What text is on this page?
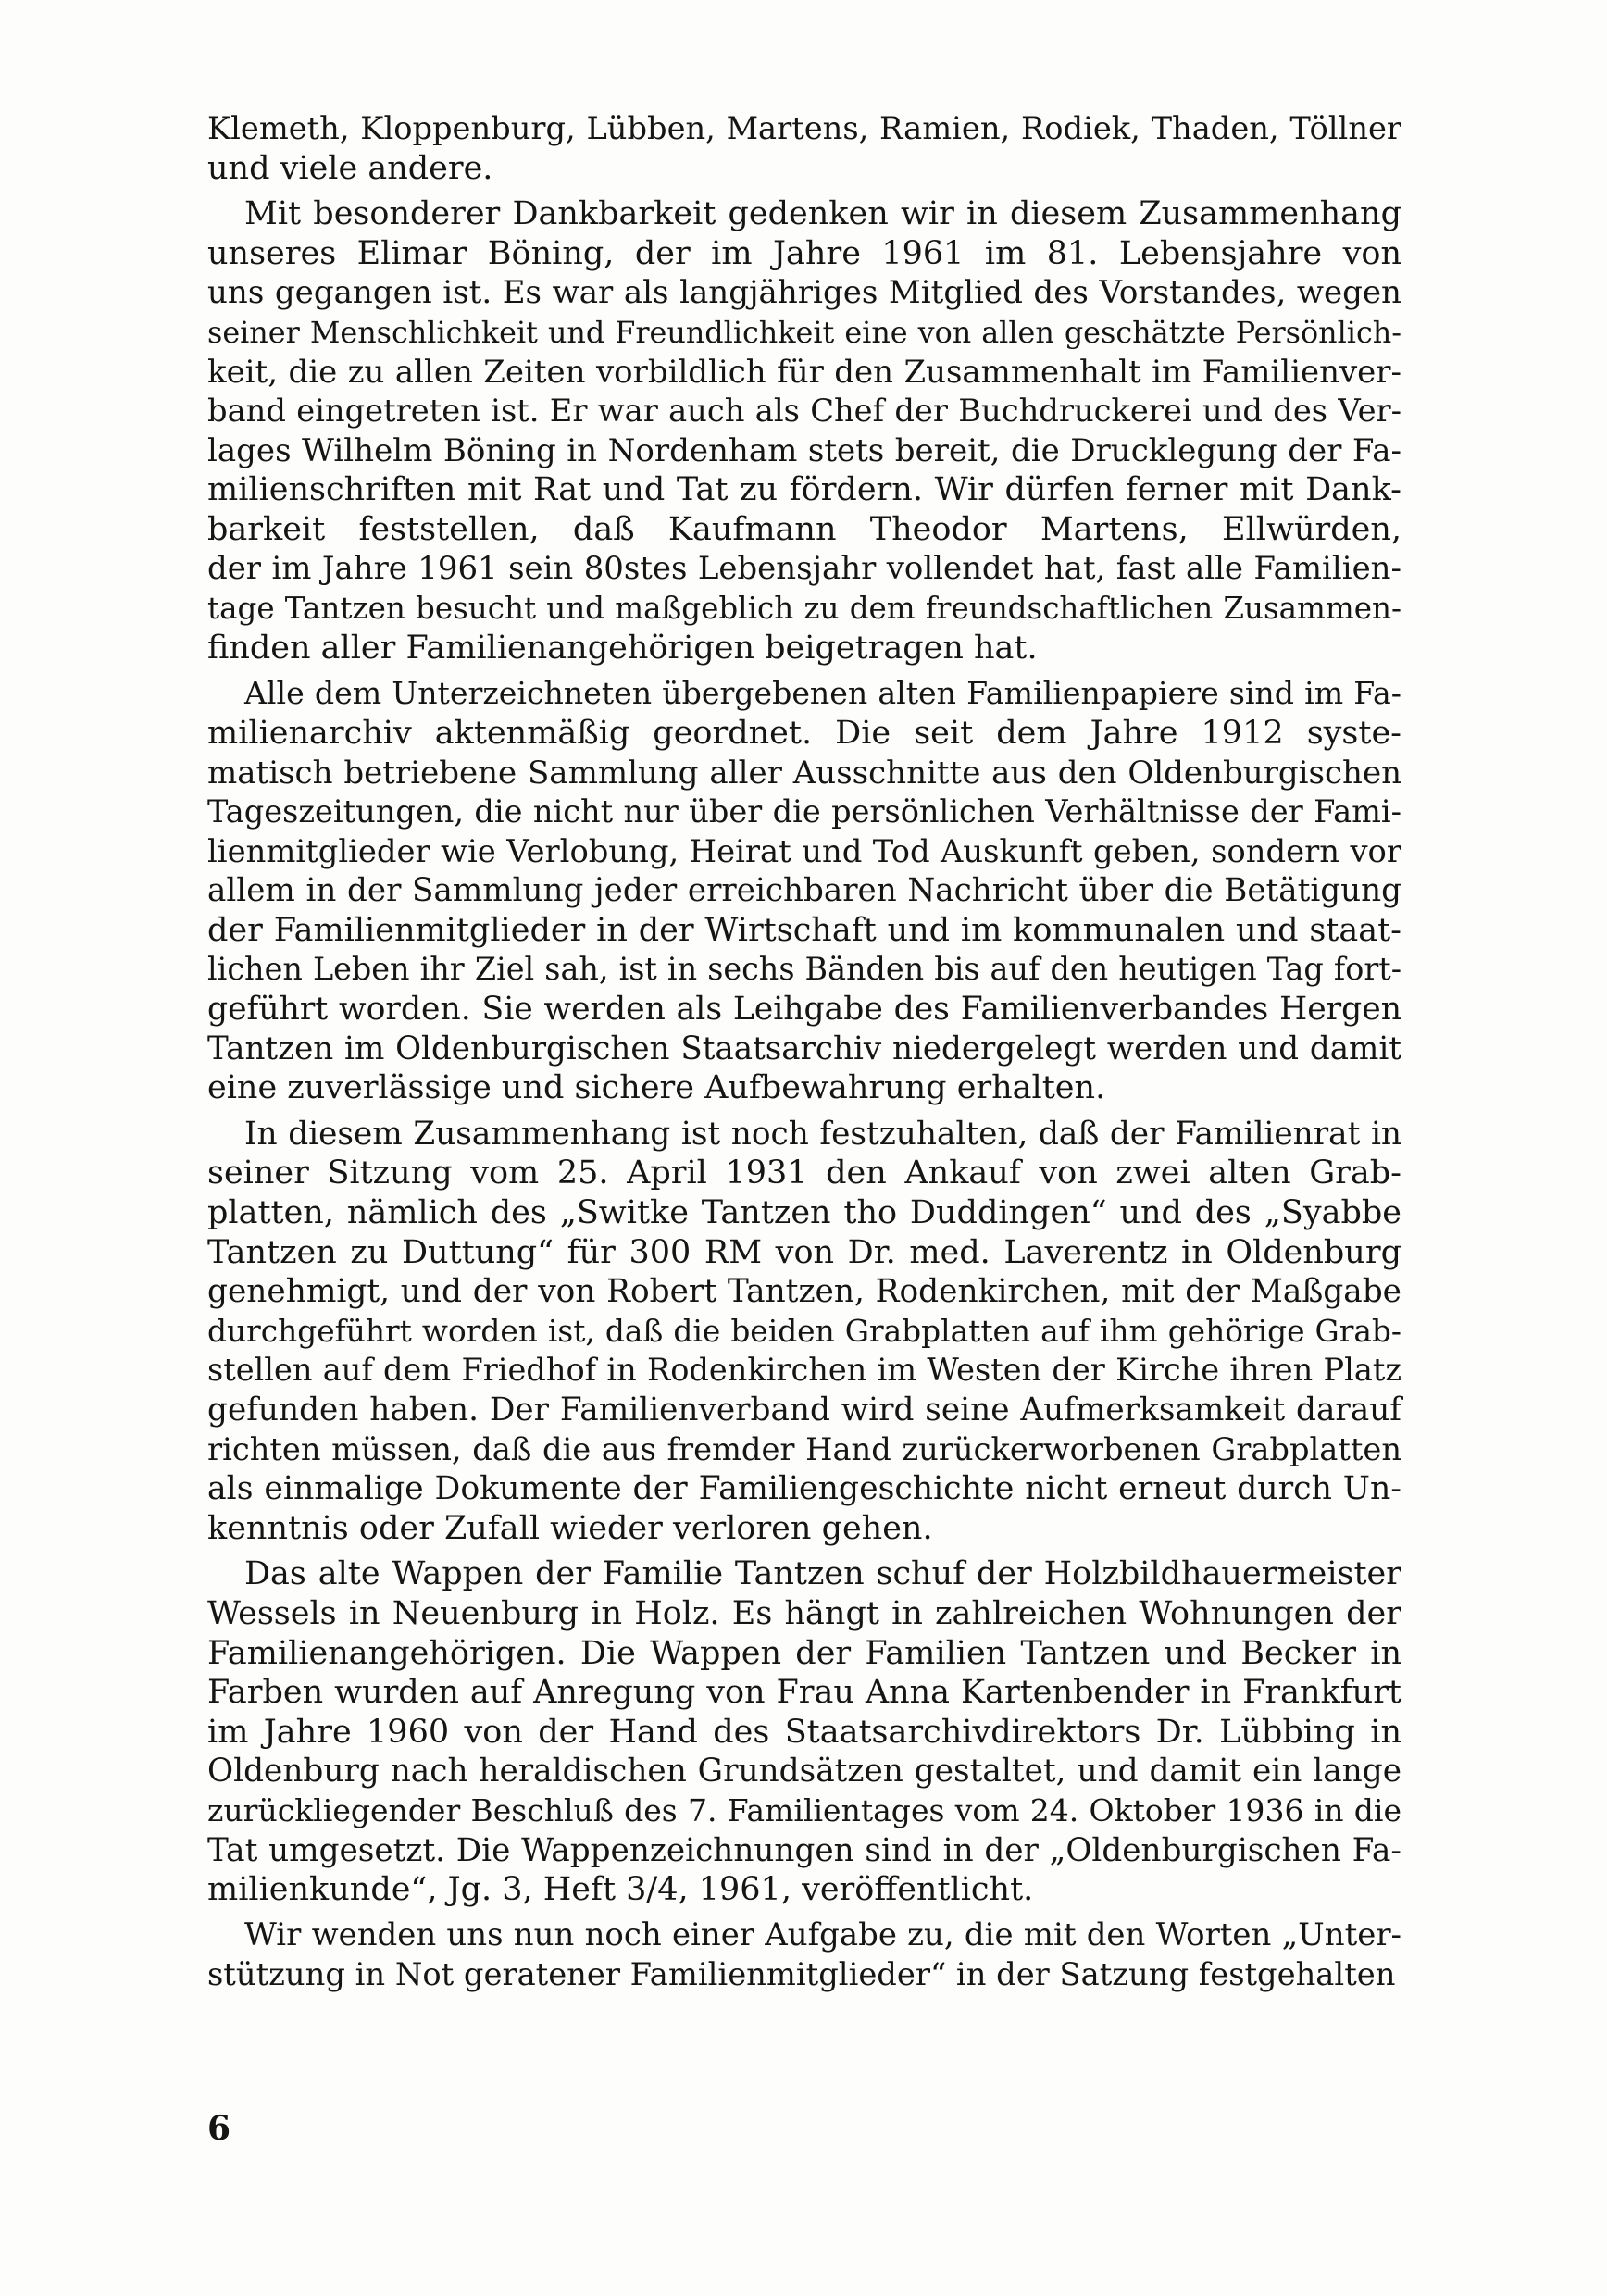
Klemeth, Kloppenburg, Lübben, Martens, Ramien, Rodiek, Thaden, Töllner
und viele andere.
Mit besonderer Dankbarkeit gedenken wir in diesem Zusammenhang
unseres Elimar Böning, der im Jahre 1961 im 81. Lebensjahre von
uns gegangen ist. Es war als langjähriges Mitglied des Vorstandes, wegen
seiner Menschlichkeit und Freundlichkeit eine von allen geschätzte Persönlich-
keit, die zu allen Zeiten vorbildlich für den Zusammenhalt im Familienver-
band eingetreten ist. Er war auch als Chef der Buchdruckerei und des Ver-
lages Wilhelm Böning in Nordenham stets bereit, die Drucklegung der Fa-
milienschriften mit Rat und Tat zu fördern. Wir dürfen ferner mit Dank-
barkeit feststellen, daß Kaufmann Theodor Martens, Ellwürden,
der im Jahre 1961 sein 80stes Lebensjahr vollendet hat, fast alle Familien-
tage Tantzen besucht und maßgeblich zu dem freundschaftlichen Zusammen-
finden aller Familienangehörigen beigetragen hat.
Alle dem Unterzeichneten übergebenen alten Familienpapiere sind im Fa-
milienarchiv aktenmäßig geordnet. Die seit dem Jahre 1912 syste-
matisch betriebene Sammlung aller Ausschnitte aus den Oldenburgischen
Tageszeitungen, die nicht nur über die persönlichen Verhältnisse der Fami-
lienmitglieder wie Verlobung, Heirat und Tod Auskunft geben, sondern vor
allem in der Sammlung jeder erreichbaren Nachricht über die Betätigung
der Familienmitglieder in der Wirtschaft und im kommunalen und staat-
lichen Leben ihr Ziel sah, ist in sechs Bänden bis auf den heutigen Tag fort-
geführt worden. Sie werden als Leihgabe des Familienverbandes Hergen
Tantzen im Oldenburgischen Staatsarchiv niedergelegt werden und damit
eine zuverlässige und sichere Aufbewahrung erhalten.
In diesem Zusammenhang ist noch festzuhalten, daß der Familienrat in
seiner Sitzung vom 25. April 1931 den Ankauf von zwei alten Grab-
platten, nämlich des „Switke Tantzen tho Duddingen“ und des „Syabbe
Tantzen zu Duttung“ für 300 RM von Dr. med. Laverentz in Oldenburg
genehmigt, und der von Robert Tantzen, Rodenkirchen, mit der Maßgabe
durchgeführt worden ist, daß die beiden Grabplatten auf ihm gehörige Grab-
stellen auf dem Friedhof in Rodenkirchen im Westen der Kirche ihren Platz
gefunden haben. Der Familienverband wird seine Aufmerksamkeit darauf
richten müssen, daß die aus fremder Hand zurückerworbenen Grabplatten
als einmalige Dokumente der Familiengeschichte nicht erneut durch Un-
kenntnis oder Zufall wieder verloren gehen.
Das alte Wappen der Familie Tantzen schuf der Holzbildhauermeister
Wessels in Neuenburg in Holz. Es hängt in zahlreichen Wohnungen der
Familienangehörigen. Die Wappen der Familien Tantzen und Becker in
Farben wurden auf Anregung von Frau Anna Kartenbender in Frankfurt
im Jahre 1960 von der Hand des Staatsarchivdirektors Dr. Lübbing in
Oldenburg nach heraldischen Grundsätzen gestaltet, und damit ein lange
zurückliegender Beschluß des 7. Familientages vom 24. Oktober 1936 in die
Tat umgesetzt. Die Wappenzeichnungen sind in der „Oldenburgischen Fa-
milienkunde“, Jg. 3, Heft 3/4, 1961, veröffentlicht.
Wir wenden uns nun noch einer Aufgabe zu, die mit den Worten „Unter-
stützung in Not geratener Familienmitglieder“ in der Satzung festgehalten
6
